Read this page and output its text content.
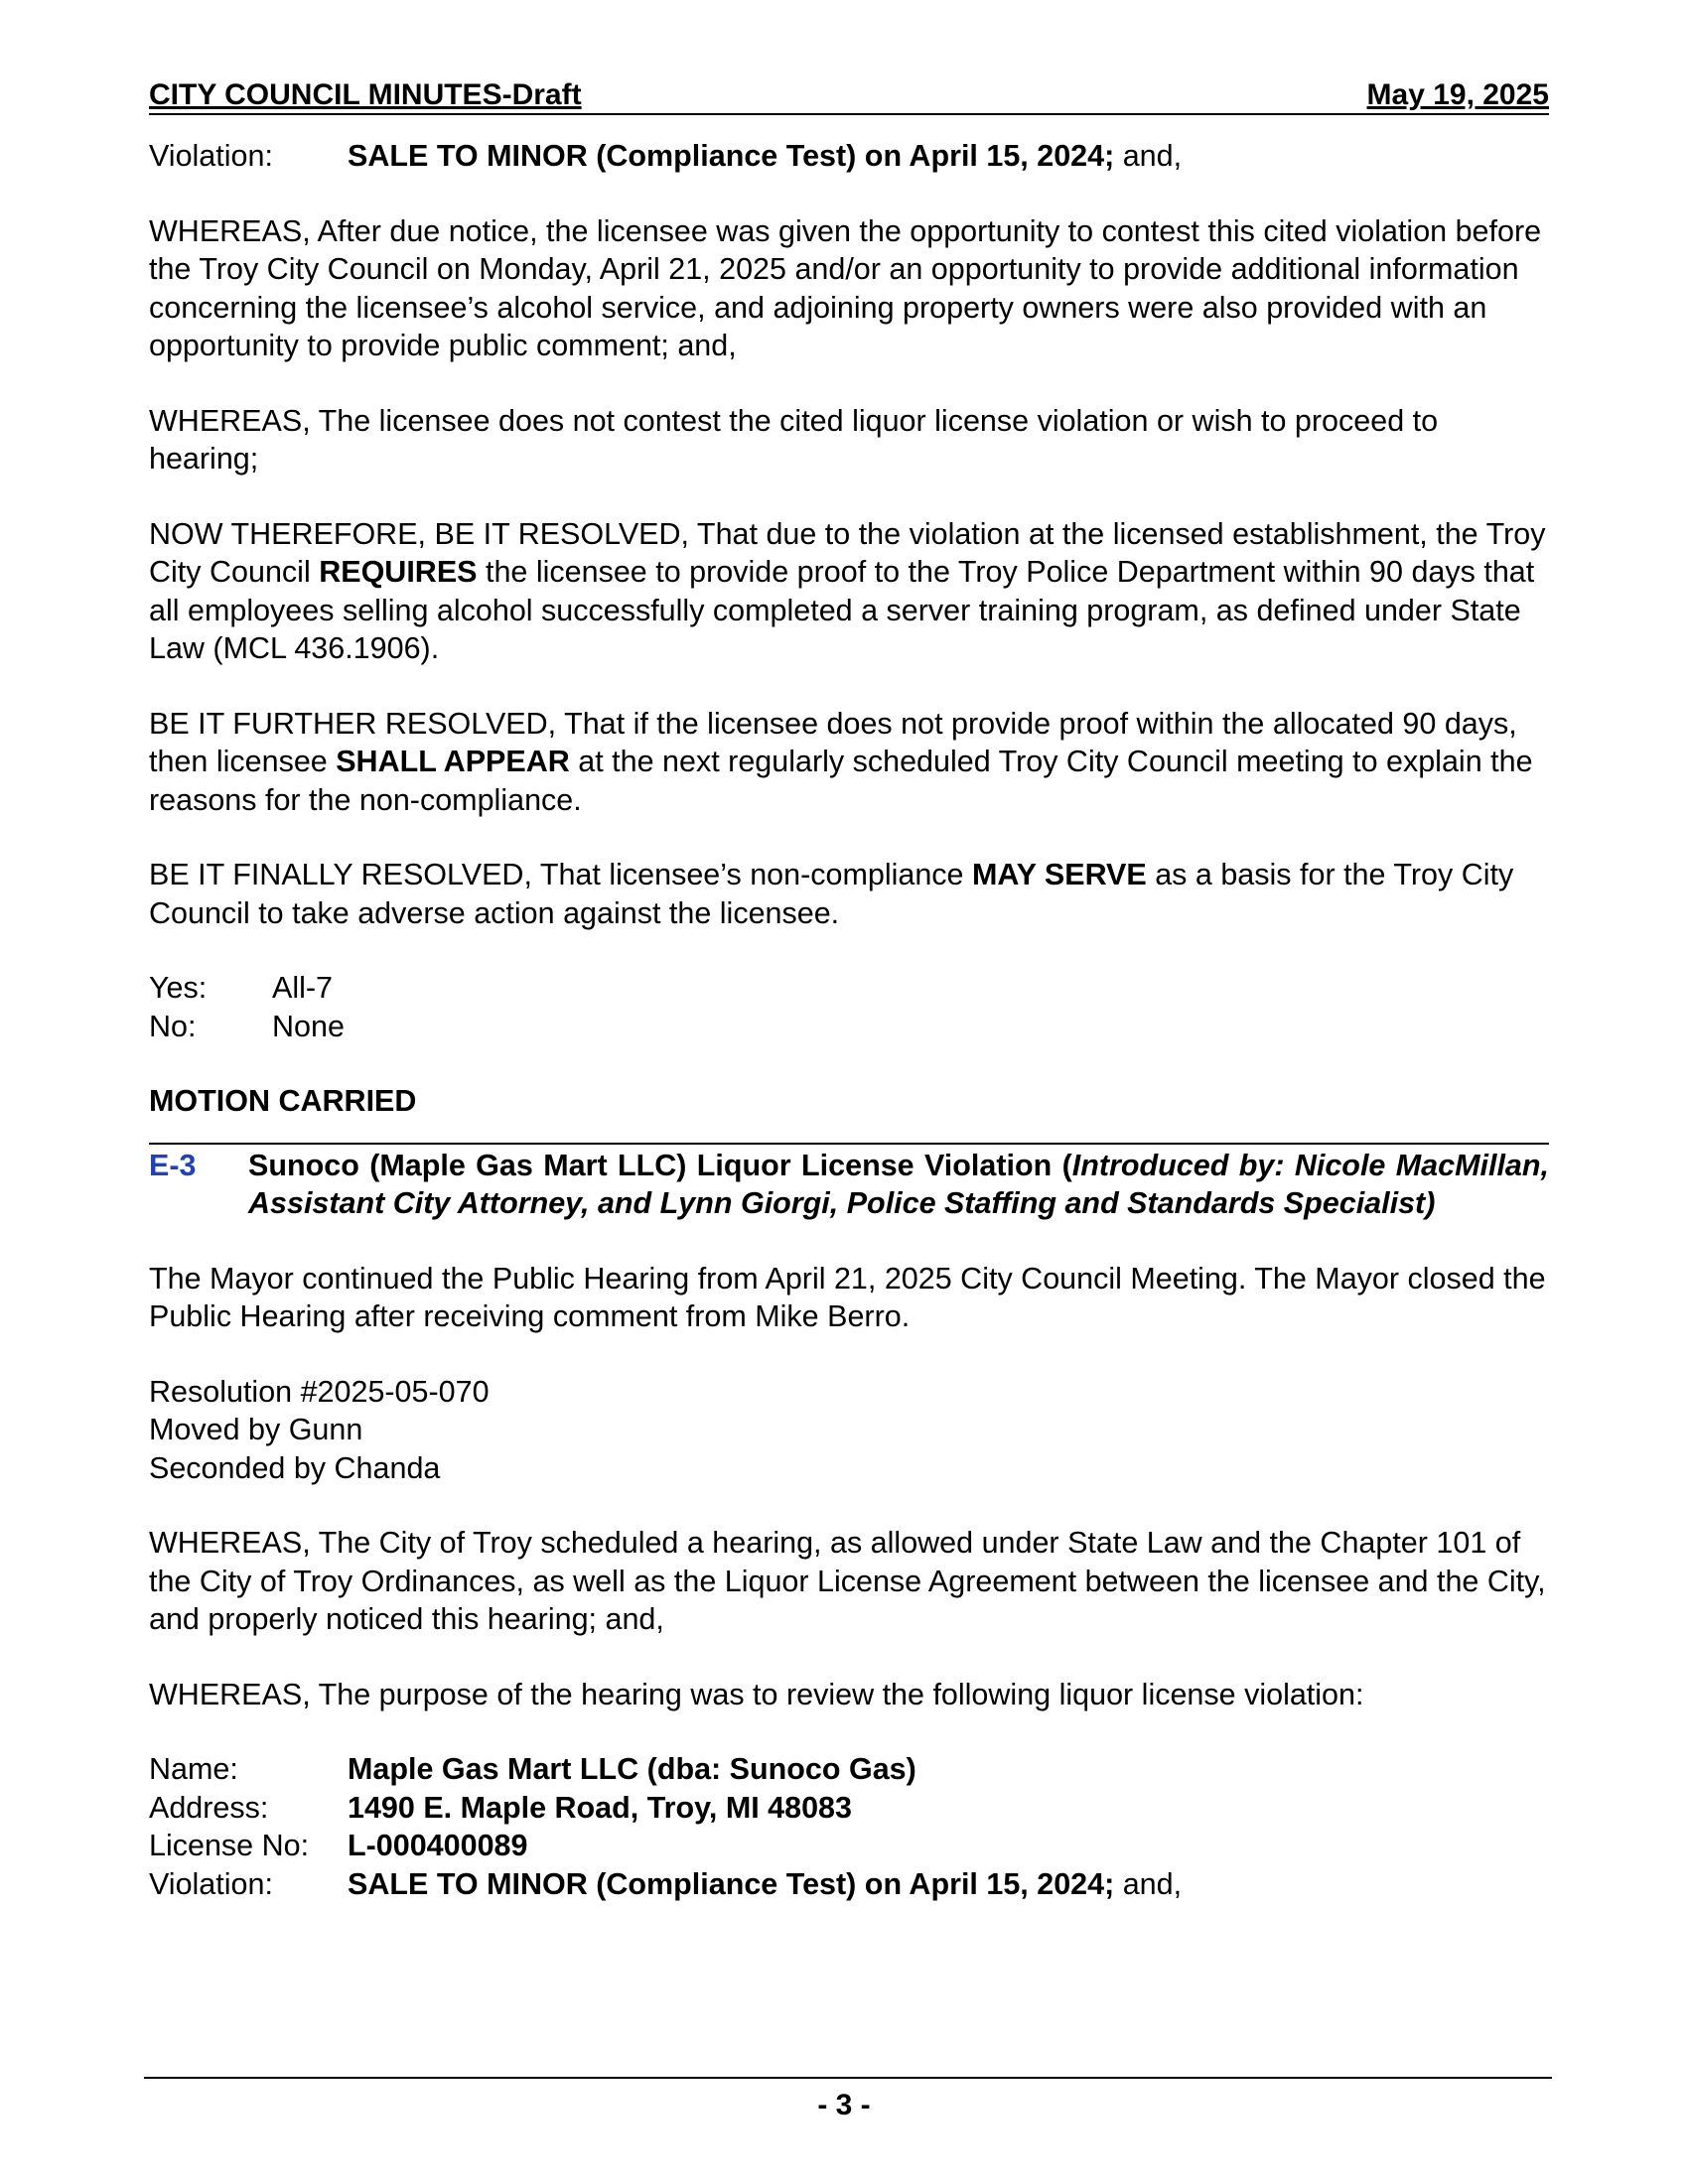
CITY COUNCIL MINUTES-Draft	May 19, 2025

Violation:	SALE TO MINOR (Compliance Test) on April 15, 2024; and,

WHEREAS, After due notice, the licensee was given the opportunity to contest this cited violation before the Troy City Council on Monday, April 21, 2025 and/or an opportunity to provide additional information concerning the licensee’s alcohol service, and adjoining property owners were also provided with an opportunity to provide public comment; and,

WHEREAS, The licensee does not contest the cited liquor license violation or wish to proceed to hearing;

NOW THEREFORE, BE IT RESOLVED, That due to the violation at the licensed establishment, the Troy City Council REQUIRES the licensee to provide proof to the Troy Police Department within 90 days that all employees selling alcohol successfully completed a server training program, as defined under State Law (MCL 436.1906).

BE IT FURTHER RESOLVED, That if the licensee does not provide proof within the allocated 90 days, then licensee SHALL APPEAR at the next regularly scheduled Troy City Council meeting to explain the reasons for the non-compliance.

BE IT FINALLY RESOLVED, That licensee’s non-compliance MAY SERVE as a basis for the Troy City Council to take adverse action against the licensee.

Yes:	All-7

No:	None

MOTION CARRIED

E-3	Sunoco (Maple Gas Mart LLC) Liquor License Violation (Introduced by: Nicole MacMillan, Assistant City Attorney, and Lynn Giorgi, Police Staffing and Standards Specialist)

The Mayor continued the Public Hearing from April 21, 2025 City Council Meeting. The Mayor closed the Public Hearing after receiving comment from Mike Berro.

Resolution #2025-05-070

Moved by Gunn

Seconded by Chanda

WHEREAS, The City of Troy scheduled a hearing, as allowed under State Law and the Chapter 101 of the City of Troy Ordinances, as well as the Liquor License Agreement between the licensee and the City, and properly noticed this hearing; and,

WHEREAS, The purpose of the hearing was to review the following liquor license violation:

Name:	Maple Gas Mart LLC (dba: Sunoco Gas)

Address:	1490 E. Maple Road, Troy, MI 48083

License No:	L-000400089

Violation:	SALE TO MINOR (Compliance Test) on April 15, 2024; and,

- 3 -
